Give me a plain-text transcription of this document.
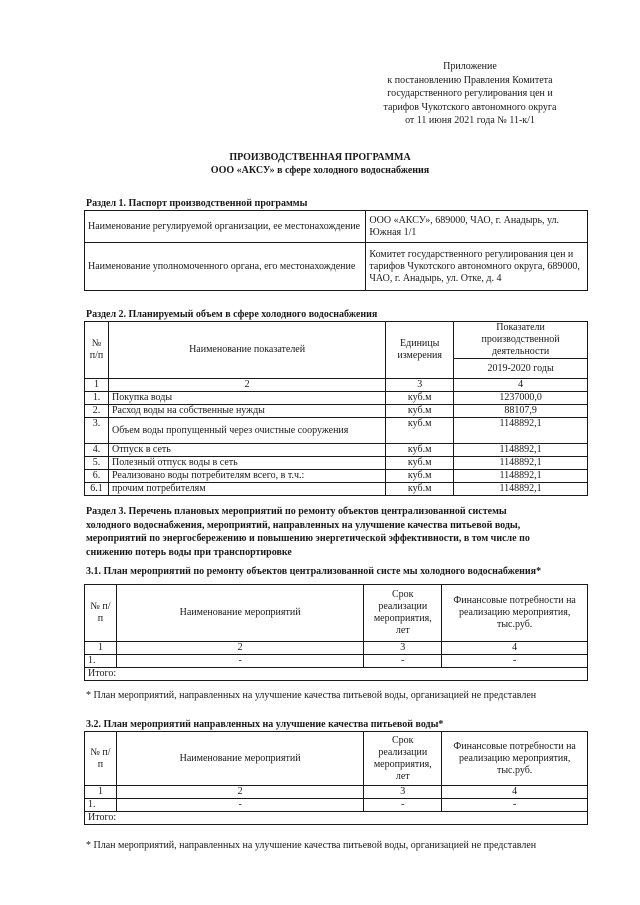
Приложение
к постановлению Правления Комитета
государственного регулирования цен и
тарифов Чукотского автономного округа
от 11 июня 2021 года № 11-к/1
ПРОИЗВОДСТВЕННАЯ ПРОГРАММА
ООО «АКСУ» в сфере холодного водоснабжения
Раздел 1. Паспорт производственной программы
Наименование регулируемой организации, ее местонахождение	ООО «АКСУ», 689000, ЧАО, г. Анадырь, ул. Южная 1/1
Наименование уполномоченного органа, его местонахождение	Комитет государственного регулирования цен и тарифов Чукотского автономного округа, 689000, ЧАО, г. Анадырь, ул. Отке, д. 4
Раздел 2. Планируемый объем в сфере холодного водоснабжения
№ п/п	Наименование показателей	Единицы измерения	Показатели производственной деятельности
			2019-2020 годы
1	2	3	4
1.	Покупка воды	куб.м	1237000,0
2.	Расход воды на собственные нужды	куб.м	88107,9
3.	Объем воды пропущенный через очистные сооружения	куб.м	1148892,1
4.	Отпуск в сеть	куб.м	1148892,1
5.	Полезный отпуск воды в сеть	куб.м	1148892,1
6.	Реализовано воды потребителям всего, в т.ч.:	куб.м	1148892,1
6.1	прочим потребителям	куб.м	1148892,1
Раздел 3. Перечень плановых мероприятий по ремонту объектов централизованной системы
холодного водоснабжения, мероприятий, направленных на улучшение качества питьевой воды,
мероприятий по энергосбережению и повышению энергетической эффективности, в том числе по
снижению потерь воды при транспортировке
3.1. План мероприятий по ремонту объектов централизованной систе мы холодного водоснабжения*
№ п/п	Наименование мероприятий	Срок реализации мероприятия, лет	Финансовые потребности на реализацию мероприятия, тыс.руб.
1	2	3	4
1.	-	-	-
Итого:			
* План мероприятий, направленных на улучшение качества питьевой воды, организацией не представлен
3.2. План мероприятий направленных на улучшение качества питьевой воды*
№ п/п	Наименование мероприятий	Срок реализации мероприятия, лет	Финансовые потребности на реализацию мероприятия, тыс.руб.
1	2	3	4
1.	-	-	-
Итого:			
* План мероприятий, направленных на улучшение качества питьевой воды, организацией не представлен
